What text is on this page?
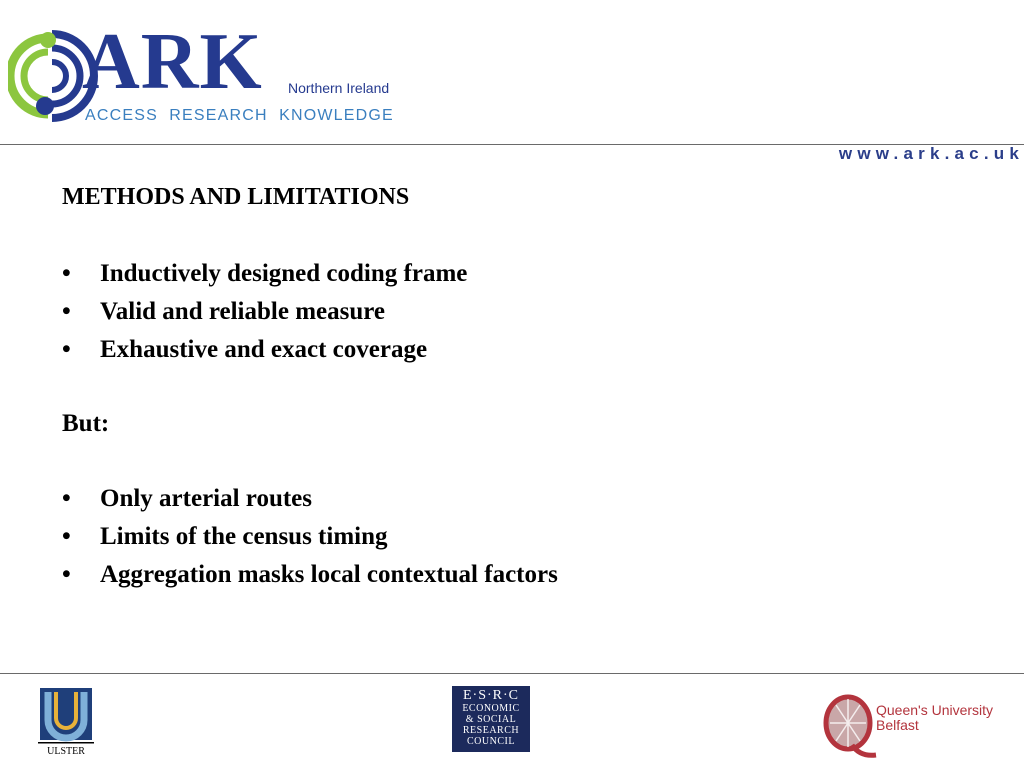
ARK Northern Ireland
ACCESS  RESEARCH  KNOWLEDGE
www.ark.ac.uk
METHODS AND LIMITATIONS
• Inductively designed coding frame
• Valid and reliable measure
• Exhaustive and exact coverage
But:
• Only arterial routes
• Limits of the census timing
• Aggregation masks local contextual factors
ULSTER
E·S·R·C
ECONOMIC
& SOCIAL
RESEARCH
COUNCIL
Queen's University
Belfast
